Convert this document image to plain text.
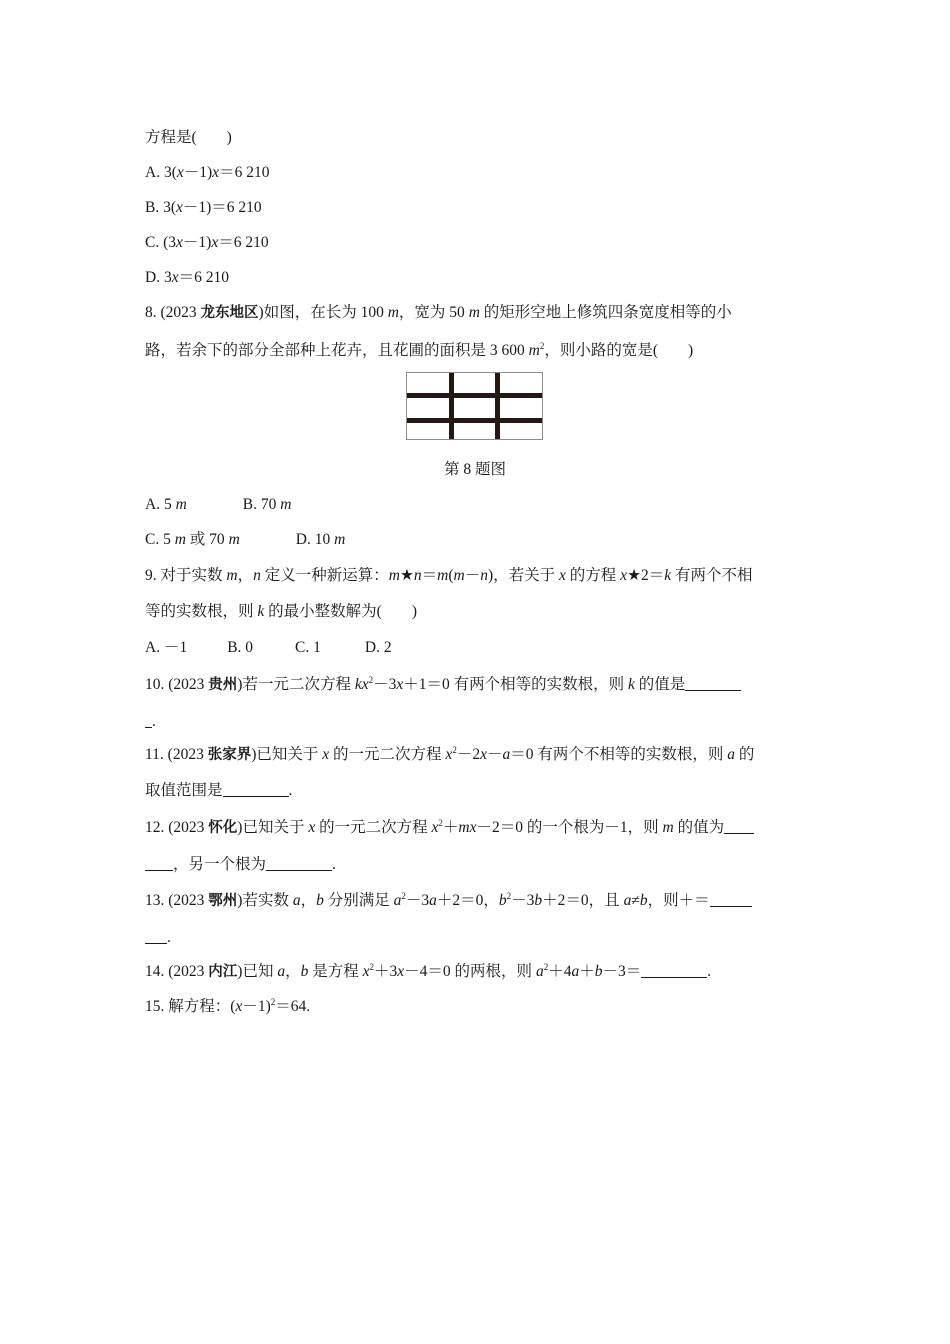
方程是( )
A. 3(x－1)x＝6 210
B. 3(x－1)＝6 210
C. (3x－1)x＝6 210
D. 3x＝6 210
8. (2023 龙东地区)如图，在长为 100 m，宽为 50 m 的矩形空地上修筑四条宽度相等的小
路，若余下的部分全部种上花卉，且花圃的面积是 3 600 $m^2$，则小路的宽是( )
第 8 题图
A. 5 m	B. 70 m
C. 5 m 或 70 m	D. 10 m
9. 对于实数 m，n 定义一种新运算：m★n＝m(m－n)，若关于 x 的方程 x★2＝k 有两个不相
等的实数根，则 k 的最小整数解为( )
A. －1	B. 0	C. 1	D. 2
10. (2023 贵州)若一元二次方程 $kx^2-3x+1=0$ 有两个相等的实数根，则 k 的值是
.
11. (2023 张家界)已知关于 x 的一元二次方程 $x^2-2x-a=0$ 有两个不相等的实数根，则 a 的
取值范围是	.
12. (2023 怀化)已知关于 x 的一元二次方程 $x^2+mx-2=0$ 的一个根为－1，则 m 的值为
，另一个根为	.
13. (2023 鄂州)若实数 a，b 分别满足 $a^2-3a+2=0$，$b^2-3b+2=0$，且 a≠b，则＋＝
.
14. (2023 内江)已知 a，b 是方程 $x^2+3x-4=0$ 的两根，则 $a^2+4a+b-3=$	.
15. 解方程：$(x-1)^2=64$.
